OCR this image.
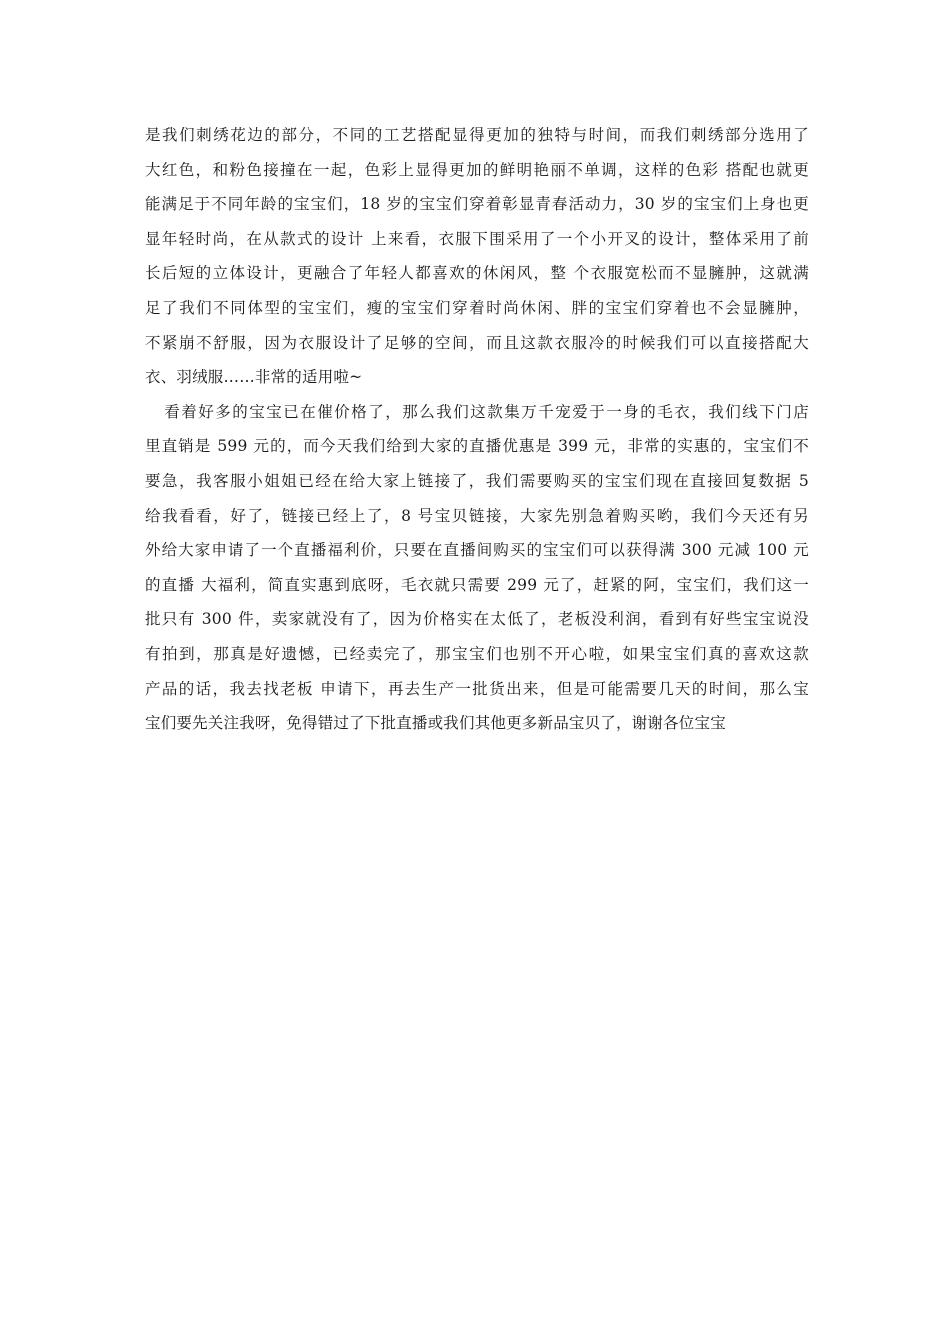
是我们刺绣花边的部分，不同的工艺搭配显得更加的独特与时间，而我们刺绣部分选用了
大红色，和粉色接撞在一起，色彩上显得更加的鲜明艳丽不单调，这样的色彩 搭配也就更
能满足于不同年龄的宝宝们，18 岁的宝宝们穿着彰显青春活动力，30 岁的宝宝们上身也更
显年轻时尚，在从款式的设计 上来看，衣服下围采用了一个小开叉的设计，整体采用了前
长后短的立体设计，更融合了年轻人都喜欢的休闲风，整 个衣服宽松而不显臃肿，这就满
足了我们不同体型的宝宝们，瘦的宝宝们穿着时尚休闲、胖的宝宝们穿着也不会显臃肿，
不紧崩不舒服，因为衣服设计了足够的空间，而且这款衣服冷的时候我们可以直接搭配大
衣、羽绒服……非常的适用啦~
看着好多的宝宝已在催价格了，那么我们这款集万千宠爱于一身的毛衣，我们线下门店
里直销是 599 元的，而今天我们给到大家的直播优惠是 399 元，非常的实惠的，宝宝们不
要急，我客服小姐姐已经在给大家上链接了，我们需要购买的宝宝们现在直接回复数据 5
给我看看，好了，链接已经上了，8 号宝贝链接，大家先别急着购买哟，我们今天还有另
外给大家申请了一个直播福利价，只要在直播间购买的宝宝们可以获得满 300 元减 100 元
的直播 大福利，简直实惠到底呀，毛衣就只需要 299 元了，赶紧的阿，宝宝们，我们这一
批只有 300 件，卖家就没有了，因为价格实在太低了，老板没利润，看到有好些宝宝说没
有拍到，那真是好遗憾，已经卖完了，那宝宝们也别不开心啦，如果宝宝们真的喜欢这款
产品的话，我去找老板 申请下，再去生产一批货出来，但是可能需要几天的时间，那么宝
宝们要先关注我呀，免得错过了下批直播或我们其他更多新品宝贝了，谢谢各位宝宝
